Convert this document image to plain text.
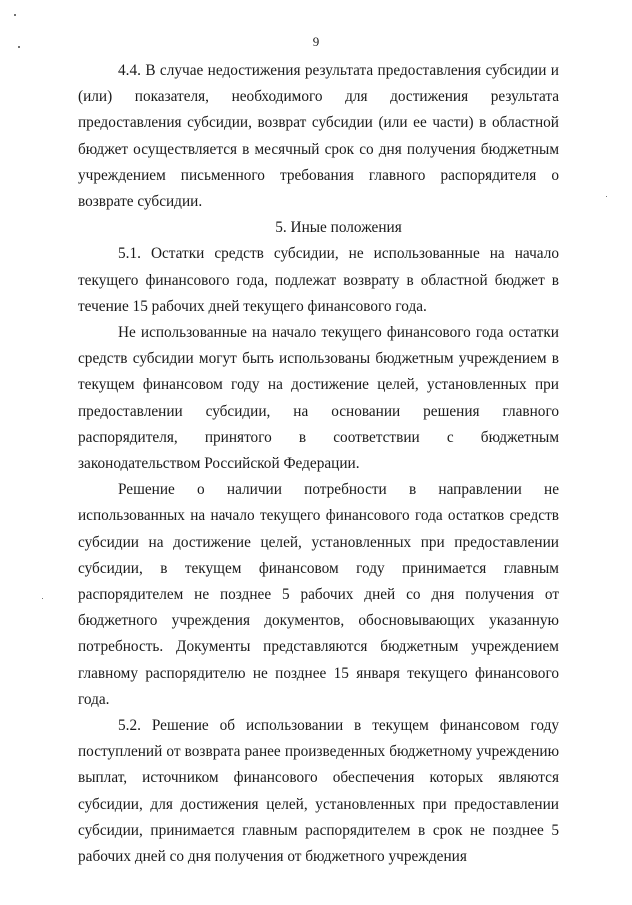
9

4.4. В случае недостижения результата предоставления субсидии и (или) показателя, необходимого для достижения результата предоставления субсидии, возврат субсидии (или ее части) в областной бюджет осуществляется в месячный срок со дня получения бюджетным учреждением письменного требования главного распорядителя о возврате субсидии.

5. Иные положения

5.1. Остатки средств субсидии, не использованные на начало текущего финансового года, подлежат возврату в областной бюджет в течение 15 рабочих дней текущего финансового года.

Не использованные на начало текущего финансового года остатки средств субсидии могут быть использованы бюджетным учреждением в текущем финансовом году на достижение целей, установленных при предоставлении субсидии, на основании решения главного распорядителя, принятого в соответствии с бюджетным законодательством Российской Федерации.

Решение о наличии потребности в направлении не использованных на начало текущего финансового года остатков средств субсидии на достижение целей, установленных при предоставлении субсидии, в текущем финансовом году принимается главным распорядителем не позднее 5 рабочих дней со дня получения от бюджетного учреждения документов, обосновывающих указанную потребность. Документы представляются бюджетным учреждением главному распорядителю не позднее 15 января текущего финансового года.

5.2. Решение об использовании в текущем финансовом году поступлений от возврата ранее произведенных бюджетному учреждению выплат, источником финансового обеспечения которых являются субсидии, для достижения целей, установленных при предоставлении субсидии, принимается главным распорядителем в срок не позднее 5 рабочих дней со дня получения от бюджетного учреждения
